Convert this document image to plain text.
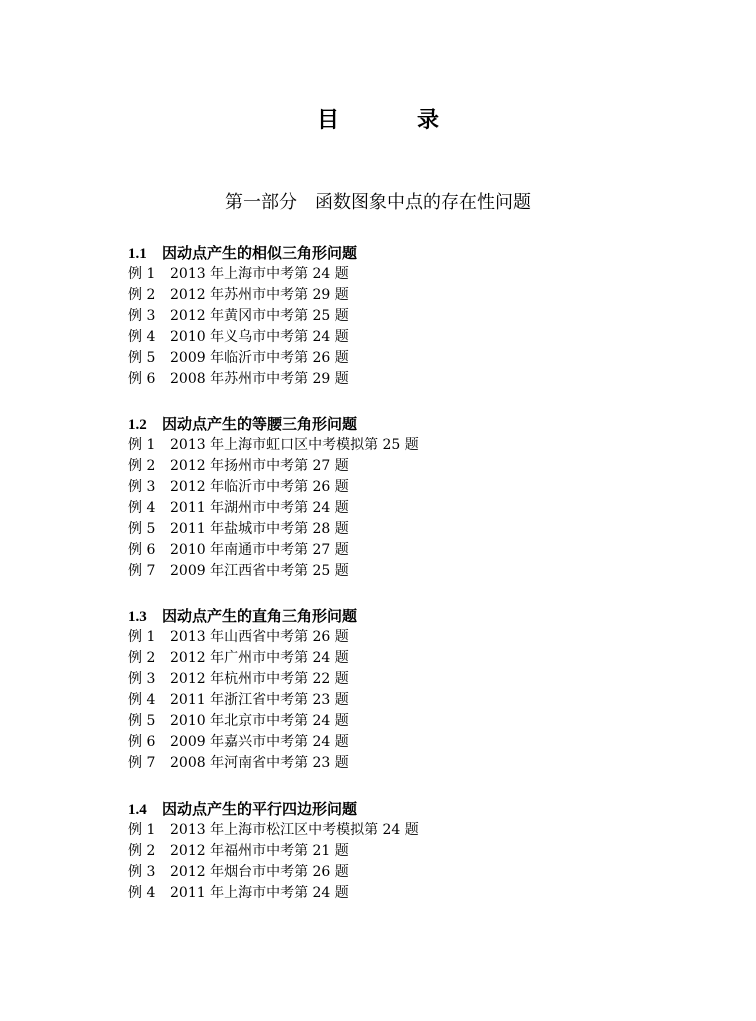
目　录
第一部分　函数图象中点的存在性问题
1.1 因动点产生的相似三角形问题
例 1 2013 年上海市中考第 24 题
例 2 2012 年苏州市中考第 29 题
例 3 2012 年黄冈市中考第 25 题
例 4 2010 年义乌市中考第 24 题
例 5 2009 年临沂市中考第 26 题
例 6 2008 年苏州市中考第 29 题
1.2 因动点产生的等腰三角形问题
例 1 2013 年上海市虹口区中考模拟第 25 题
例 2 2012 年扬州市中考第 27 题
例 3 2012 年临沂市中考第 26 题
例 4 2011 年湖州市中考第 24 题
例 5 2011 年盐城市中考第 28 题
例 6 2010 年南通市中考第 27 题
例 7 2009 年江西省中考第 25 题
1.3 因动点产生的直角三角形问题
例 1 2013 年山西省中考第 26 题
例 2 2012 年广州市中考第 24 题
例 3 2012 年杭州市中考第 22 题
例 4 2011 年浙江省中考第 23 题
例 5 2010 年北京市中考第 24 题
例 6 2009 年嘉兴市中考第 24 题
例 7 2008 年河南省中考第 23 题
1.4 因动点产生的平行四边形问题
例 1 2013 年上海市松江区中考模拟第 24 题
例 2 2012 年福州市中考第 21 题
例 3 2012 年烟台市中考第 26 题
例 4 2011 年上海市中考第 24 题
